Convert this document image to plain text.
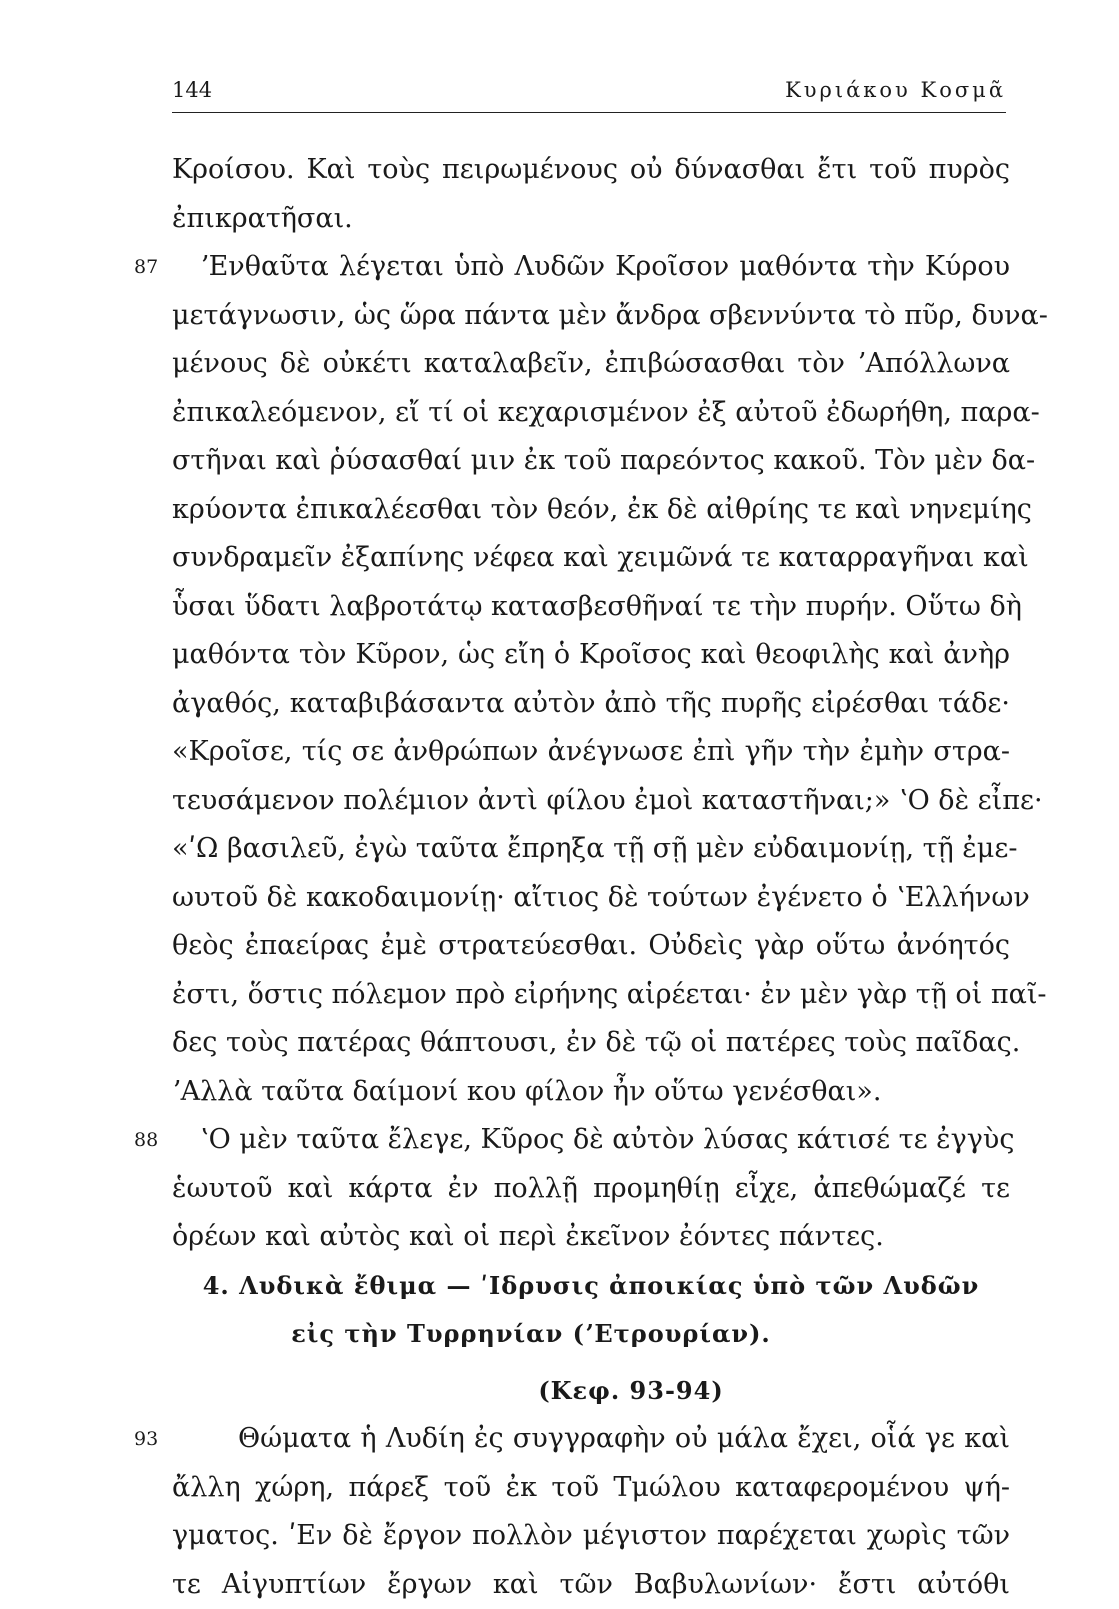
144	Κυριάκου Κοσμᾶ
Κροίσου. Καὶ τοὺς πειρωμένους οὐ δύνασθαι ἔτι τοῦ πυρὸς
ἐπικρατῆσαι.
87 ʼΕνθαῦτα λέγεται ὑπὸ Λυδῶν Κροῖσον μαθόντα τὴν Κύρου
μετάγνωσιν, ὡς ὥρα πάντα μὲν ἄνδρα σβεννύντα τὸ πῦρ, δυνα-
μένους δὲ οὐκέτι καταλαβεῖν, ἐπιβώσασθαι τὸν ʼΑπόλλωνα
ἐπικαλεόμενον, εἴ τί οἱ κεχαρισμένον ἐξ αὐτοῦ ἐδωρήθη, παρα-
στῆναι καὶ ῥύσασθαί μιν ἐκ τοῦ παρεόντος κακοῦ. Τὸν μὲν δα-
κρύοντα ἐπικαλέεσθαι τὸν θεόν, ἐκ δὲ αἰθρίης τε καὶ νηνεμίης
συνδραμεῖν ἐξαπίνης νέφεα καὶ χειμῶνά τε καταρραγῆναι καὶ
ὗσαι ὕδατι λαβροτάτῳ κατασβεσθῆναί τε τὴν πυρήν. Οὕτω δὴ
μαθόντα τὸν Κῦρον, ὡς εἴη ὁ Κροῖσος καὶ θεοφιλὴς καὶ ἀνὴρ
ἀγαθός, καταβιβάσαντα αὐτὸν ἀπὸ τῆς πυρῆς εἰρέσθαι τάδε·
«Κροῖσε, τίς σε ἀνθρώπων ἀνέγνωσε ἐπὶ γῆν τὴν ἐμὴν στρα-
τευσάμενον πολέμιον ἀντὶ φίλου ἐμοὶ καταστῆναι;» ʽΟ δὲ εἶπε·
«ʹΩ βασιλεῦ, ἐγὼ ταῦτα ἔπρηξα τῇ σῇ μὲν εὐδαιμονίῃ, τῇ ἐμε-
ωυτοῦ δὲ κακοδαιμονίῃ· αἴτιος δὲ τούτων ἐγένετο ὁ ʽΕλλήνων
θεὸς ἐπαείρας ἐμὲ στρατεύεσθαι. Οὐδεὶς γὰρ οὕτω ἀνόητός
ἐστι, ὅστις πόλεμον πρὸ εἰρήνης αἱρέεται· ἐν μὲν γὰρ τῇ οἱ παῖ-
δες τοὺς πατέρας θάπτουσι, ἐν δὲ τῷ οἱ πατέρες τοὺς παῖδας.
ʼΑλλὰ ταῦτα δαίμονί κου φίλον ἦν οὕτω γενέσθαι».
88 ʽΟ μὲν ταῦτα ἔλεγε, Κῦρος δὲ αὐτὸν λύσας κάτισέ τε ἐγγὺς
ἑωυτοῦ καὶ κάρτα ἐν πολλῇ προμηθίῃ εἶχε, ἀπεθώμαζέ τε
ὁρέων καὶ αὐτὸς καὶ οἱ περὶ ἐκεῖνον ἐόντες πάντες.
4. Λυδικὰ ἔθιμα — ʹΙδρυσις ἀποικίας ὑπὸ τῶν Λυδῶν
εἰς τὴν Τυρρηνίαν (ʼΕτρουρίαν).
(Κεφ. 93-94)
93	Θώματα ἡ Λυδίη ἐς συγγραφὴν οὐ μάλα ἔχει, οἷά γε καὶ
ἄλλη χώρη, πάρεξ τοῦ ἐκ τοῦ Τμώλου καταφερομένου ψή-
γματος. ʹΕν δὲ ἔργον πολλὸν μέγιστον παρέχεται χωρὶς τῶν
τε Αἰγυπτίων ἔργων καὶ τῶν Βαβυλωνίων· ἔστι αὐτόθι
